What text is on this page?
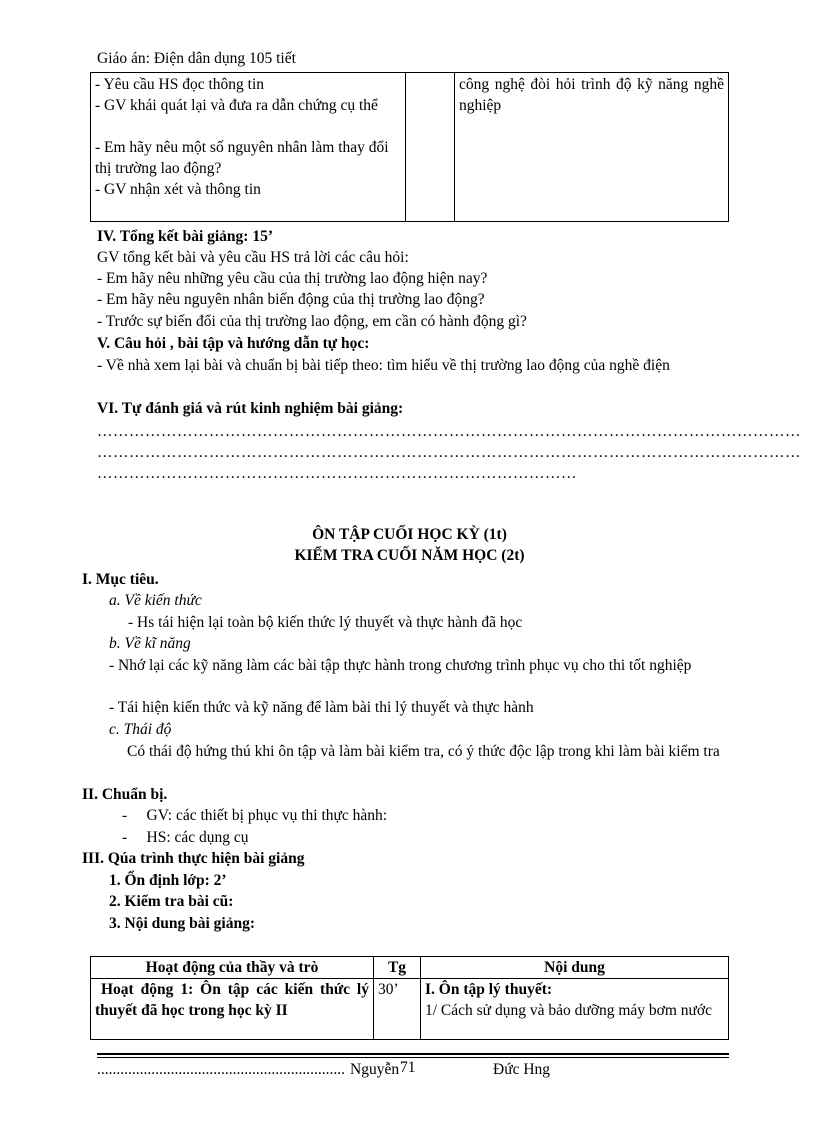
Giáo án: Điện dân dụng 105 tiết
- Yêu cầu HS đọc thông tin
- GV khái quát lại và đưa ra dẫn chứng cụ thể
- Em hãy nêu một số nguyên nhân làm thay đổi thị trường lao động?
- GV nhận xét và thông tin
		công nghệ đòi hỏi trình độ kỹ năng nghề nghiệp
IV. Tổng kết bài giảng: 15’
GV tổng kết bài và yêu cầu HS trả lời các câu hỏi:
- Em hãy nêu những yêu cầu của thị trường lao động hiện nay?
- Em hãy nêu nguyên nhân biến động của thị trường lao động?
- Trước sự biến đổi của thị trường lao động, em cần có hành động gì?
V. Câu hỏi , bài tập và hướng dẫn tự học:
- Về nhà xem lại bài và chuẩn bị bài tiếp theo: tìm hiểu về thị trường lao động của nghề điện
VI. Tự đánh giá và rút kinh nghiệm bài giảng:
……………………………………………………………………………………………………………………
……………………………………………………………………………………………………………………
………………………………………………………………………………
ÔN TẬP CUỐI HỌC KỲ (1t)
KIỂM TRA CUỐI NĂM HỌC (2t)
I. Mục tiêu.
a. Về kiến thức
- Hs tái hiện lại toàn bộ kiến thức lý thuyết và thực hành đã học
b. Về kĩ năng
- Nhớ lại các kỹ năng làm các bài tập thực hành trong chương trình phục vụ cho thi tốt nghiệp
- Tái hiện kiến thức và kỹ năng để làm bài thi lý thuyết và thực hành
c. Thái độ
Có thái độ hứng thú khi ôn tập và làm bài kiểm tra, có ý thức độc lập trong khi làm bài kiểm tra
II. Chuẩn bị.
-     GV: các thiết bị phục vụ thi thực hành:
-     HS: các dụng cụ
III. Qúa trình thực hiện bài giảng
1. Ổn định lớp: 2’
2. Kiểm tra bài cũ:
3. Nội dung bài giảng:
Hoạt động của thầy và trò	Tg	Nội dung
Hoạt động 1: Ôn tập các kiến thức lý thuyết đã học trong học kỳ II	30’	I. Ôn tập lý thuyết:
1/ Cách sử dụng và bảo dưỡng máy bơm nước
................................................................ Nguyễn 71	Đức Hng
